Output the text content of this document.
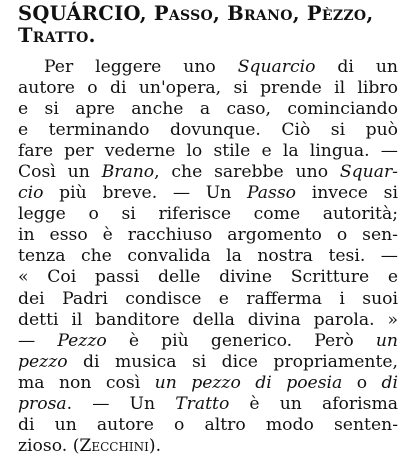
SQUÁRCIO, Passo, Brano, Pèzzo,
Tratto.
Per leggere uno Squarcio di un
autore o di un'opera, si prende il libro
e si apre anche a caso, cominciando
e terminando dovunque. Ciò si può
fare per vederne lo stile e la lingua. —
Così un Brano, che sarebbe uno Squar-
cio più breve. — Un Passo invece si
legge o si riferisce come autorità;
in esso è racchiuso argomento o sen-
tenza che convalida la nostra tesi. —
« Coi passi delle divine Scritture e
dei Padri condisce e rafferma i suoi
detti il banditore della divina parola. »
— Pezzo è più generico. Però un
pezzo di musica si dice propriamente,
ma non così un pezzo di poesia o di
prosa. — Un Tratto è un aforisma
di un autore o altro modo senten-
zioso. (Zecchini).
